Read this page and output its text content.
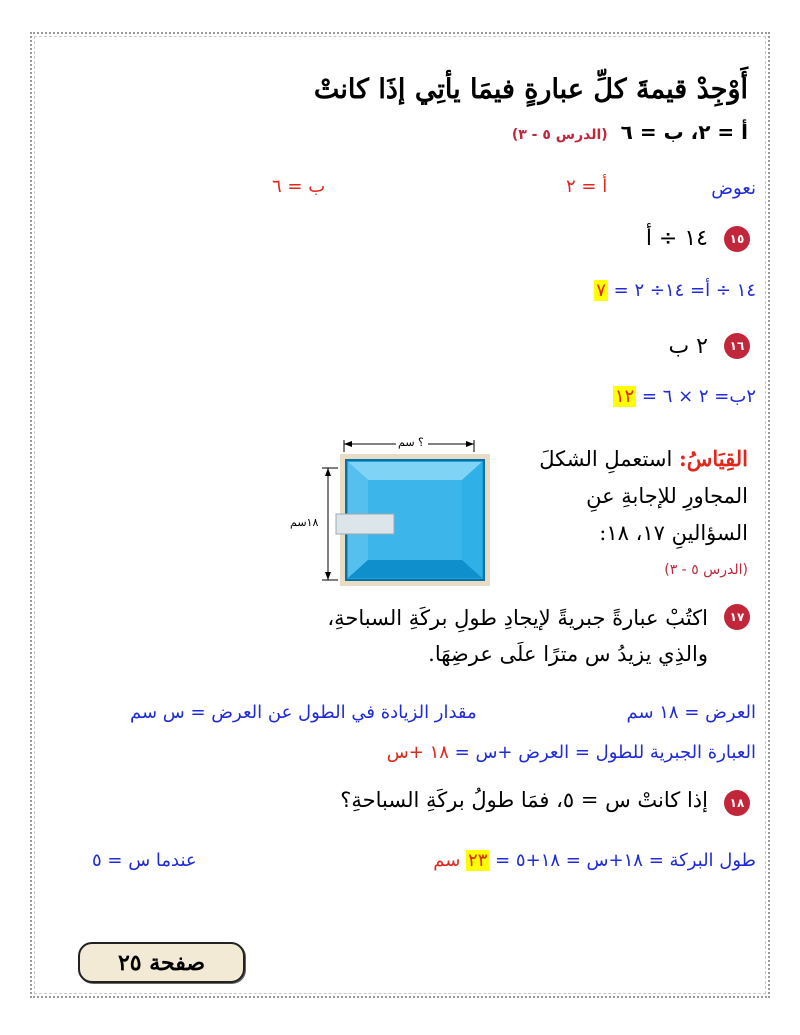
أَوْجِدْ قيمةَ كلِّ عبارةٍ فيمَا يأتِي إذَا كانتْ
أ = ٢، ب = ٦ (الدرس ٥ - ٣)
نعوض
أ = ٢
ب = ٦
١٥
١٤ ÷ أ
١٤ ÷ أ= ١٤÷ ٢ = ٧
١٦
٢ ب
٢ب= ٢ × ٦ = ١٢
القِيَاسُ: استعملِ الشكلَ
المجاورِ للإجابةِ عنِ
السؤالينِ ١٧، ١٨:
(الدرس ٥ - ٣)
؟ سم
١٨سم
١٧
اكتُبْ عبارةً جبريةً لإيجادِ طولِ بركَةِ السباحةِ،
والذِي يزيدُ س مترًا علَى عرضِهَا.
العرض = ١٨ سم
مقدار الزيادة في الطول عن العرض = س سم
العبارة الجبرية للطول = العرض +س = ١٨ +س
١٨
إذا كانتْ س = ٥، فمَا طولُ بركَةِ السباحةِ؟
طول البركة = ١٨+س = ١٨+٥ = ٢٣ سم
عندما س = ٥
صفحة ٢٥
